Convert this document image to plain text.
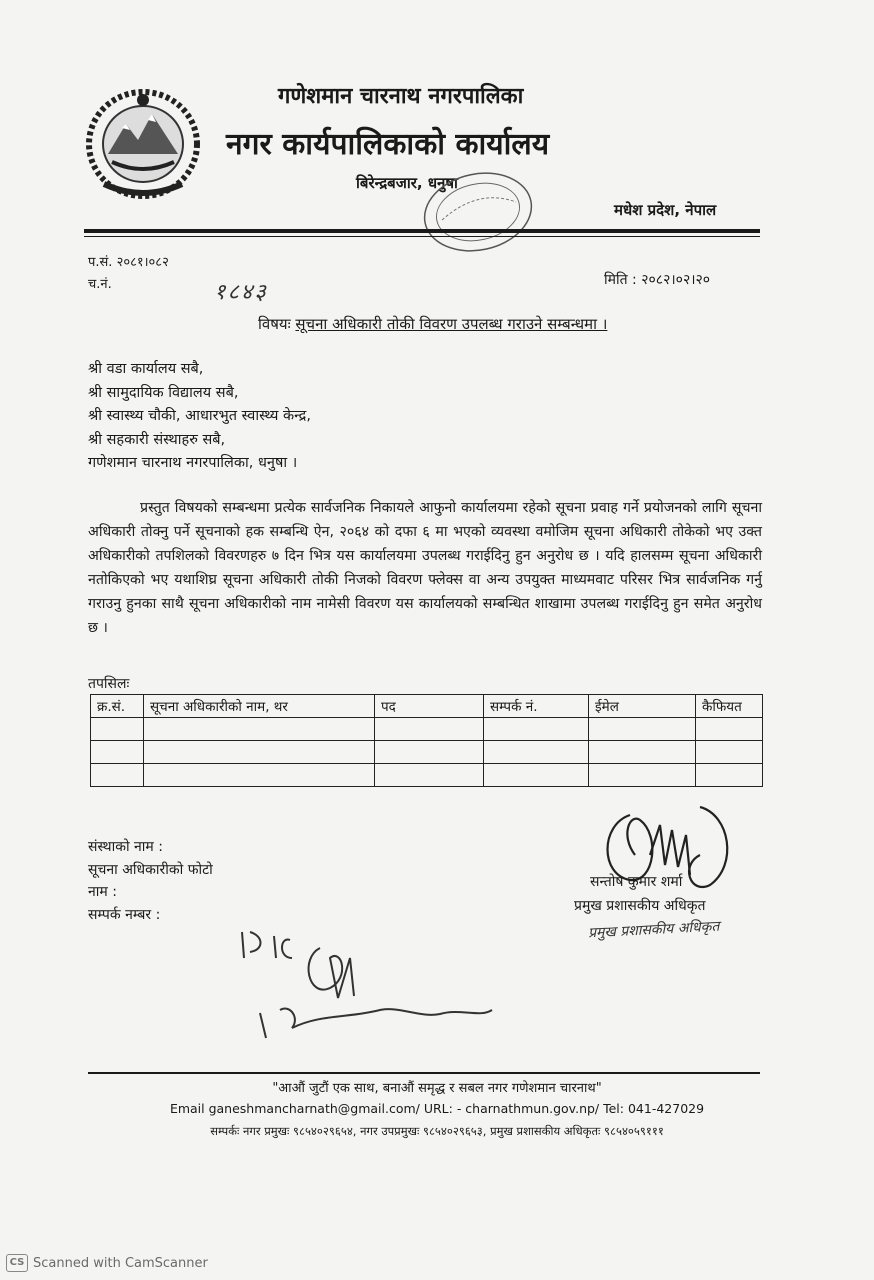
गणेशमान चारनाथ नगरपालिका
नगर कार्यपालिकाको कार्यालय
बिरेन्द्रबजार, धनुषा
मधेश प्रदेश, नेपाल
प.सं. २०८१।०८२
च.नं.	१८४३	मिति : २०८२।०२।२०
विषयः सूचना अधिकारी तोकी विवरण उपलब्ध गराउने सम्बन्धमा ।
श्री वडा कार्यालय सबै,
श्री सामुदायिक विद्यालय सबै,
श्री स्वास्थ्य चौकी, आधारभुत स्वास्थ्य केन्द्र,
श्री सहकारी संस्थाहरु सबै,
गणेशमान चारनाथ नगरपालिका, धनुषा ।
प्रस्तुत विषयको सम्बन्धमा प्रत्येक सार्वजनिक निकायले आफुनो कार्यालयमा रहेको सूचना प्रवाह गर्ने प्रयोजनको लागि सूचना अधिकारी तोक्नु पर्ने सूचनाको हक सम्बन्धि ऐन, २०६४ को दफा ६ मा भएको व्यवस्था वमोजिम सूचना अधिकारी तोकेको भए उक्त अधिकारीको तपशिलको विवरणहरु ७ दिन भित्र यस कार्यालयमा उपलब्ध गराईदिनु हुन अनुरोध छ । यदि हालसम्म सूचना अधिकारी नतोकिएको भए यथाशिघ्र सूचना अधिकारी तोकी निजको विवरण फ्लेक्स वा अन्य उपयुक्त माध्यमवाट परिसर भित्र सार्वजनिक गर्नु गराउनु हुनका साथै सूचना अधिकारीको नाम नामेसी विवरण यस कार्यालयको सम्बन्धित शाखामा उपलब्ध गराईदिनु हुन समेत अनुरोध छ ।
तपसिलः
क्र.सं.	सूचना अधिकारीको नाम, थर	पद	सम्पर्क नं.	ईमेल	कैफियत

संस्थाको नाम :
सूचना अधिकारीको फोटो
नाम :
सम्पर्क नम्बर :
सन्तोष कुमार शर्मा
प्रमुख प्रशासकीय अधिकृत
प्रमुख प्रशासकीय अधिकृत
"आऔं जुटौं एक साथ, बनाऔं समृद्ध र सबल नगर गणेशमान चारनाथ"
Email ganeshmancharnath@gmail.com/ URL: - charnathmun.gov.np/ Tel: 041-427029
सम्पर्कः नगर प्रमुखः ९८५४०२९६५४, नगर उपप्रमुखः ९८५४०२९६५३, प्रमुख प्रशासकीय अधिकृतः ९८५४०५९१११
CS Scanned with CamScanner
